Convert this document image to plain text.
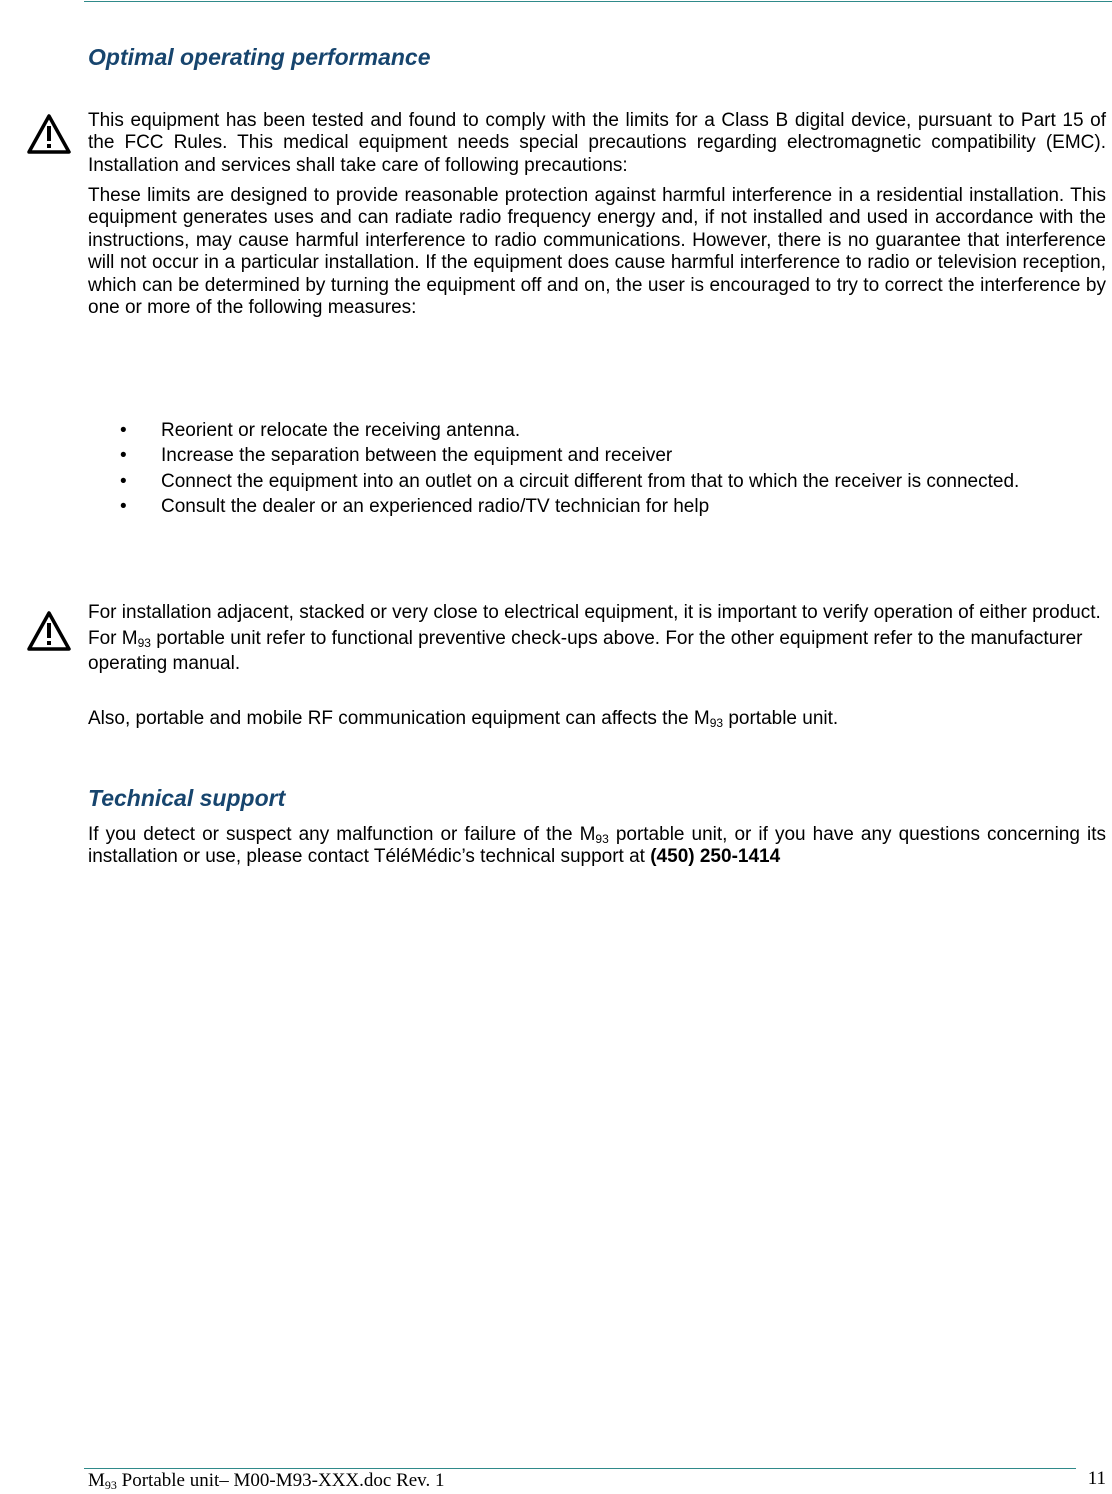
Optimal operating performance

This equipment has been tested and found to comply with the limits for a Class B digital device, pursuant to Part 15 of the FCC Rules. This medical equipment needs special precautions regarding electromagnetic compatibility (EMC). Installation and services shall take care of following precautions:

These limits are designed to provide reasonable protection against harmful interference in a residential installation. This equipment generates uses and can radiate radio frequency energy and, if not installed and used in accordance with the instructions, may cause harmful interference to radio communications. However, there is no guarantee that interference will not occur in a particular installation. If the equipment does cause harmful interference to radio or television reception, which can be determined by turning the equipment off and on, the user is encouraged to try to correct the interference by one or more of the following measures:

• Reorient or relocate the receiving antenna.
• Increase the separation between the equipment and receiver
• Connect the equipment into an outlet on a circuit different from that to which the receiver is connected.
• Consult the dealer or an experienced radio/TV technician for help

For installation adjacent, stacked or very close to electrical equipment, it is important to verify operation of either product. For $M_{93}$ portable unit refer to functional preventive check-ups above. For the other equipment refer to the manufacturer operating manual.

Also, portable and mobile RF communication equipment can affects the $M_{93}$ portable unit.

Technical support

If you detect or suspect any malfunction or failure of the $M_{93}$ portable unit, or if you have any questions concerning its installation or use, please contact TéléMédic’s technical support at (450) 250-1414

$M_{93}$ Portable unit– M00-M93-XXX.doc Rev. 1	11
